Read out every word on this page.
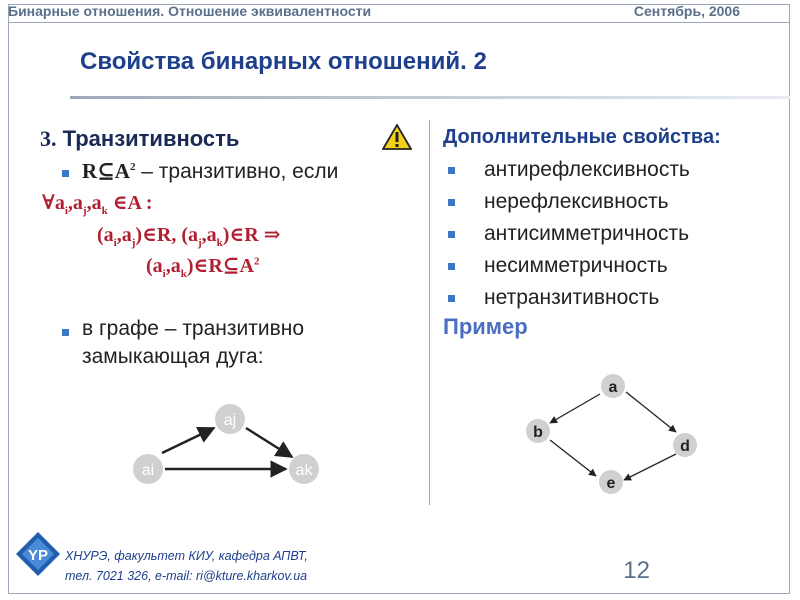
Бинарные отношения. Отношение эквивалентности	Сентябрь, 2006
Свойства бинарных отношений. 2
3. Транзитивность
$R⊆A^2$ – транзитивно, если
$\forall a_i,a_j,a_k$ ∈A :
$(a_i,a_j)\in R$, $(a_j,a_k)\in R$ ⇒
$(a_i,a_k)\in R⊆A^2$
в графе – транзитивно
замыкающая дуга:
ai
aj
ak
Дополнительные свойства:
антирефлексивность
нерефлексивность
антисимметричность
несимметричность
нетранзитивность
Пример
a
b
d
e
YP ХНУРЭ, факультет КИУ, кафедра АПВТ,
тел. 7021 326, e-mail: ri@kture.kharkov.ua	12
